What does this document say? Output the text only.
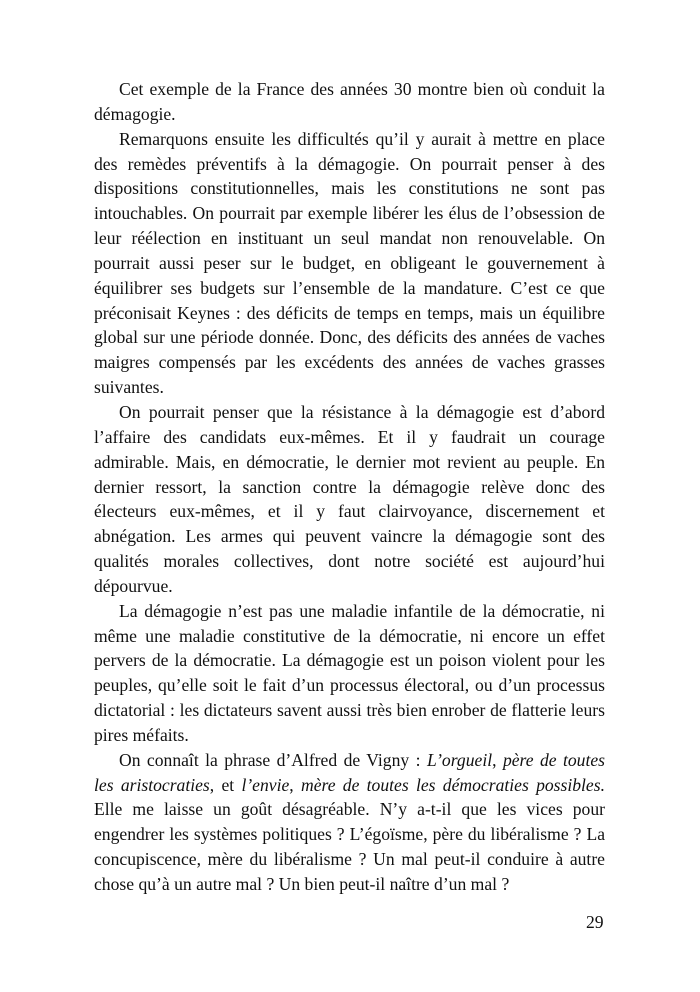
Cet exemple de la France des années 30 montre bien où conduit la démagogie.

Remarquons ensuite les difficultés qu’il y aurait à mettre en place des remèdes préventifs à la démagogie. On pourrait penser à des dispositions constitutionnelles, mais les constitutions ne sont pas intouchables. On pourrait par exemple libérer les élus de l’obsession de leur réélection en instituant un seul mandat non renouvelable. On pourrait aussi peser sur le budget, en obligeant le gouvernement à équilibrer ses budgets sur l’ensemble de la mandature. C’est ce que préconisait Keynes : des déficits de temps en temps, mais un équilibre global sur une période donnée. Donc, des déficits des années de vaches maigres compensés par les excédents des années de vaches grasses suivantes.

On pourrait penser que la résistance à la démagogie est d’abord l’affaire des candidats eux-mêmes. Et il y faudrait un courage admirable. Mais, en démocratie, le dernier mot revient au peuple. En dernier ressort, la sanction contre la démagogie relève donc des électeurs eux-mêmes, et il y faut clairvoyance, discernement et abnégation. Les armes qui peuvent vaincre la démagogie sont des qualités morales collectives, dont notre société est aujourd’hui dépourvue.

La démagogie n’est pas une maladie infantile de la démocratie, ni même une maladie constitutive de la démocratie, ni encore un effet pervers de la démocratie. La démagogie est un poison violent pour les peuples, qu’elle soit le fait d’un processus électoral, ou d’un processus dictatorial : les dictateurs savent aussi très bien enrober de flatterie leurs pires méfaits.

On connaît la phrase d’Alfred de Vigny : L’orgueil, père de toutes les aristocraties, et l’envie, mère de toutes les démocraties possibles. Elle me laisse un goût désagréable. N’y a-t-il que les vices pour engendrer les systèmes politiques ? L’égoïsme, père du libéralisme ? La concupiscence, mère du libéralisme ? Un mal peut-il conduire à autre chose qu’à un autre mal ? Un bien peut-il naître d’un mal ?

29
